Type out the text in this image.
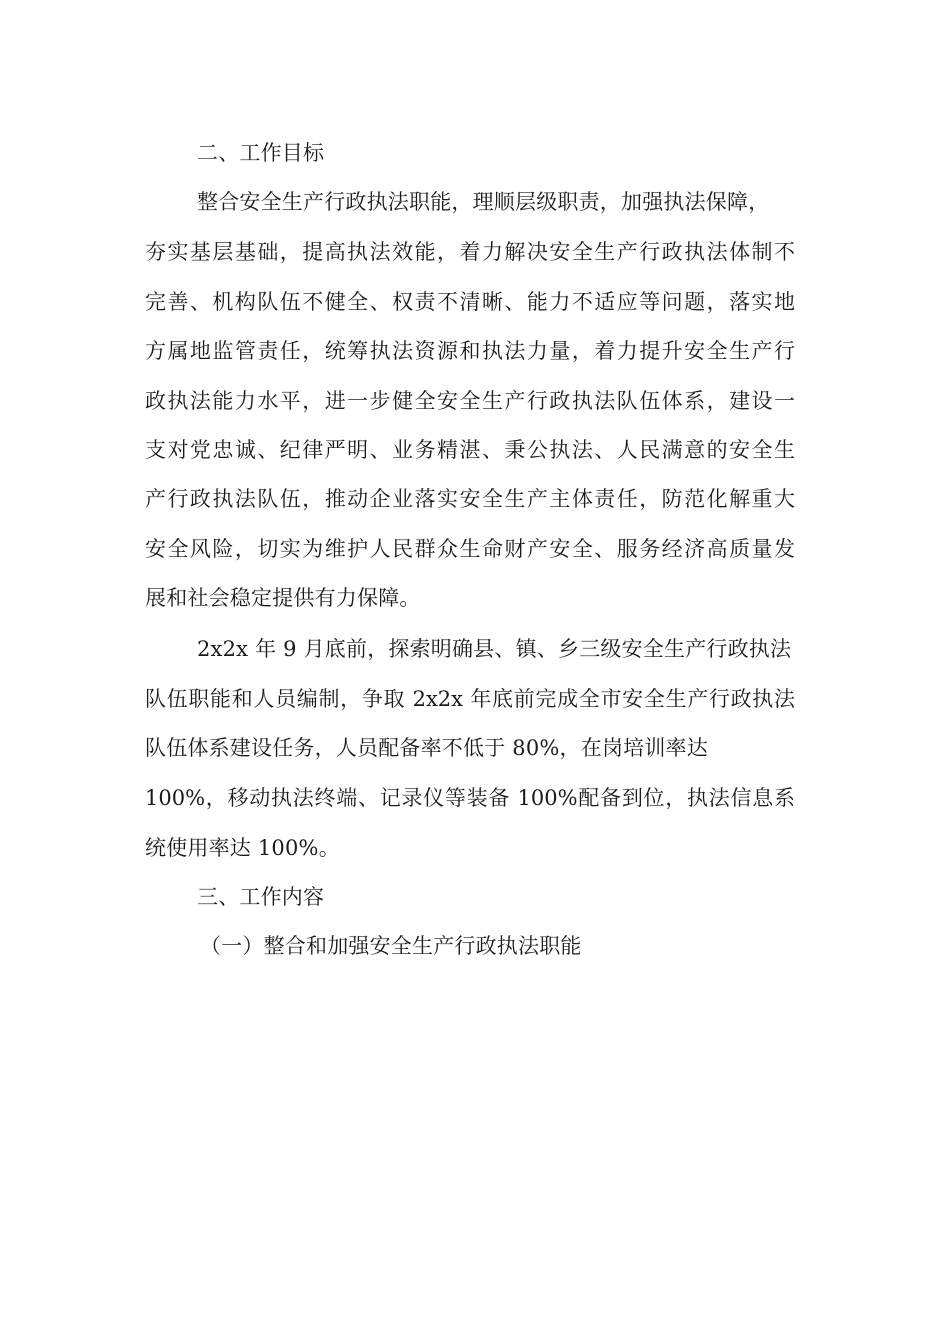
二、工作目标
整合安全生产行政执法职能，理顺层级职责，加强执法保障，
夯实基层基础，提高执法效能，着力解决安全生产行政执法体制不
完善、机构队伍不健全、权责不清晰、能力不适应等问题，落实地
方属地监管责任，统筹执法资源和执法力量，着力提升安全生产行
政执法能力水平，进一步健全安全生产行政执法队伍体系，建设一
支对党忠诚、纪律严明、业务精湛、秉公执法、人民满意的安全生
产行政执法队伍，推动企业落实安全生产主体责任，防范化解重大
安全风险，切实为维护人民群众生命财产安全、服务经济高质量发
展和社会稳定提供有力保障。
2x2x 年 9 月底前，探索明确县、镇、乡三级安全生产行政执法
队伍职能和人员编制，争取 2x2x 年底前完成全市安全生产行政执法
队伍体系建设任务，人员配备率不低于 80%，在岗培训率达
100%，移动执法终端、记录仪等装备 100%配备到位，执法信息系
统使用率达 100%。
三、工作内容
（一）整合和加强安全生产行政执法职能
